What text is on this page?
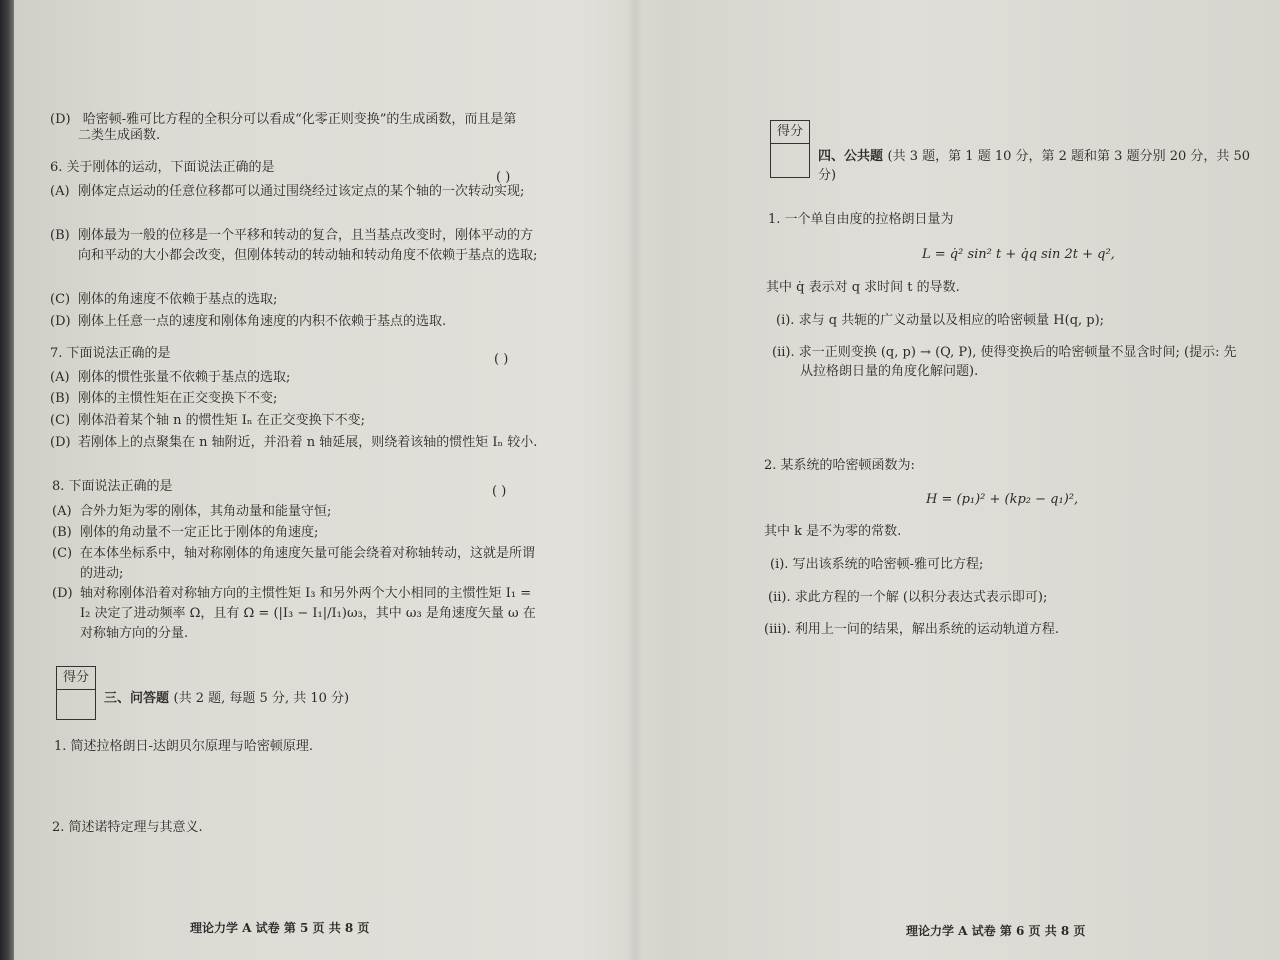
(D) 哈密顿-雅可比方程的全积分可以看成“化零正则变换”的生成函数，而且是第
二类生成函数.
6. 关于刚体的运动，下面说法正确的是
( )
(A) 刚体定点运动的任意位移都可以通过围绕经过该定点的某个轴的一次转动实现;
(B) 刚体最为一般的位移是一个平移和转动的复合，且当基点改变时，刚体平动的方向和平动的大小都会改变，但刚体转动的转动轴和转动角度不依赖于基点的选取;
(C) 刚体的角速度不依赖于基点的选取;
(D) 刚体上任意一点的速度和刚体角速度的内积不依赖于基点的选取.
7. 下面说法正确的是	( )
(A) 刚体的惯性张量不依赖于基点的选取;
(B) 刚体的主惯性矩在正交变换下不变;
(C) 刚体沿着某个轴 n 的惯性矩 Iₙ 在正交变换下不变;
(D) 若刚体上的点聚集在 n 轴附近，并沿着 n 轴延展，则绕着该轴的惯性矩 Iₙ 较小.
8. 下面说法正确的是	( )
(A) 合外力矩为零的刚体，其角动量和能量守恒;
(B) 刚体的角动量不一定正比于刚体的角速度;
(C) 在本体坐标系中，轴对称刚体的角速度矢量可能会绕着对称轴转动，这就是所谓的进动;
(D) 轴对称刚体沿着对称轴方向的主惯性矩 I₃ 和另外两个大小相同的主惯性矩 I₁ = I₂ 决定了进动频率 Ω，且有 Ω = (|I₃ − I₁|/I₁)ω₃，其中 ω₃ 是角速度矢量 ω 在对称轴方向的分量.
得分
三、问答题 (共 2 题, 每题 5 分, 共 10 分)
1. 简述拉格朗日-达朗贝尔原理与哈密顿原理.
2. 简述诺特定理与其意义.
理论力学 A 试卷 第 5 页 共 8 页
得分
四、公共题 (共 3 题，第 1 题 10 分，第 2 题和第 3 题分别 20 分，共 50 分)
1. 一个单自由度的拉格朗日量为
L = q̇² sin² t + q̇q sin 2t + q²,
其中 q̇ 表示对 q 求时间 t 的导数.
(i). 求与 q 共轭的广义动量以及相应的哈密顿量 H(q, p);
(ii). 求一正则变换 (q, p) → (Q, P), 使得变换后的哈密顿量不显含时间; (提示: 先
从拉格朗日量的角度化解问题).
2. 某系统的哈密顿函数为:
H = (p₁)² + (kp₂ − q₁)²,
其中 k 是不为零的常数.
(i). 写出该系统的哈密顿-雅可比方程;
(ii). 求此方程的一个解 (以积分表达式表示即可);
(iii). 利用上一问的结果，解出系统的运动轨道方程.
理论力学 A 试卷 第 6 页 共 8 页
